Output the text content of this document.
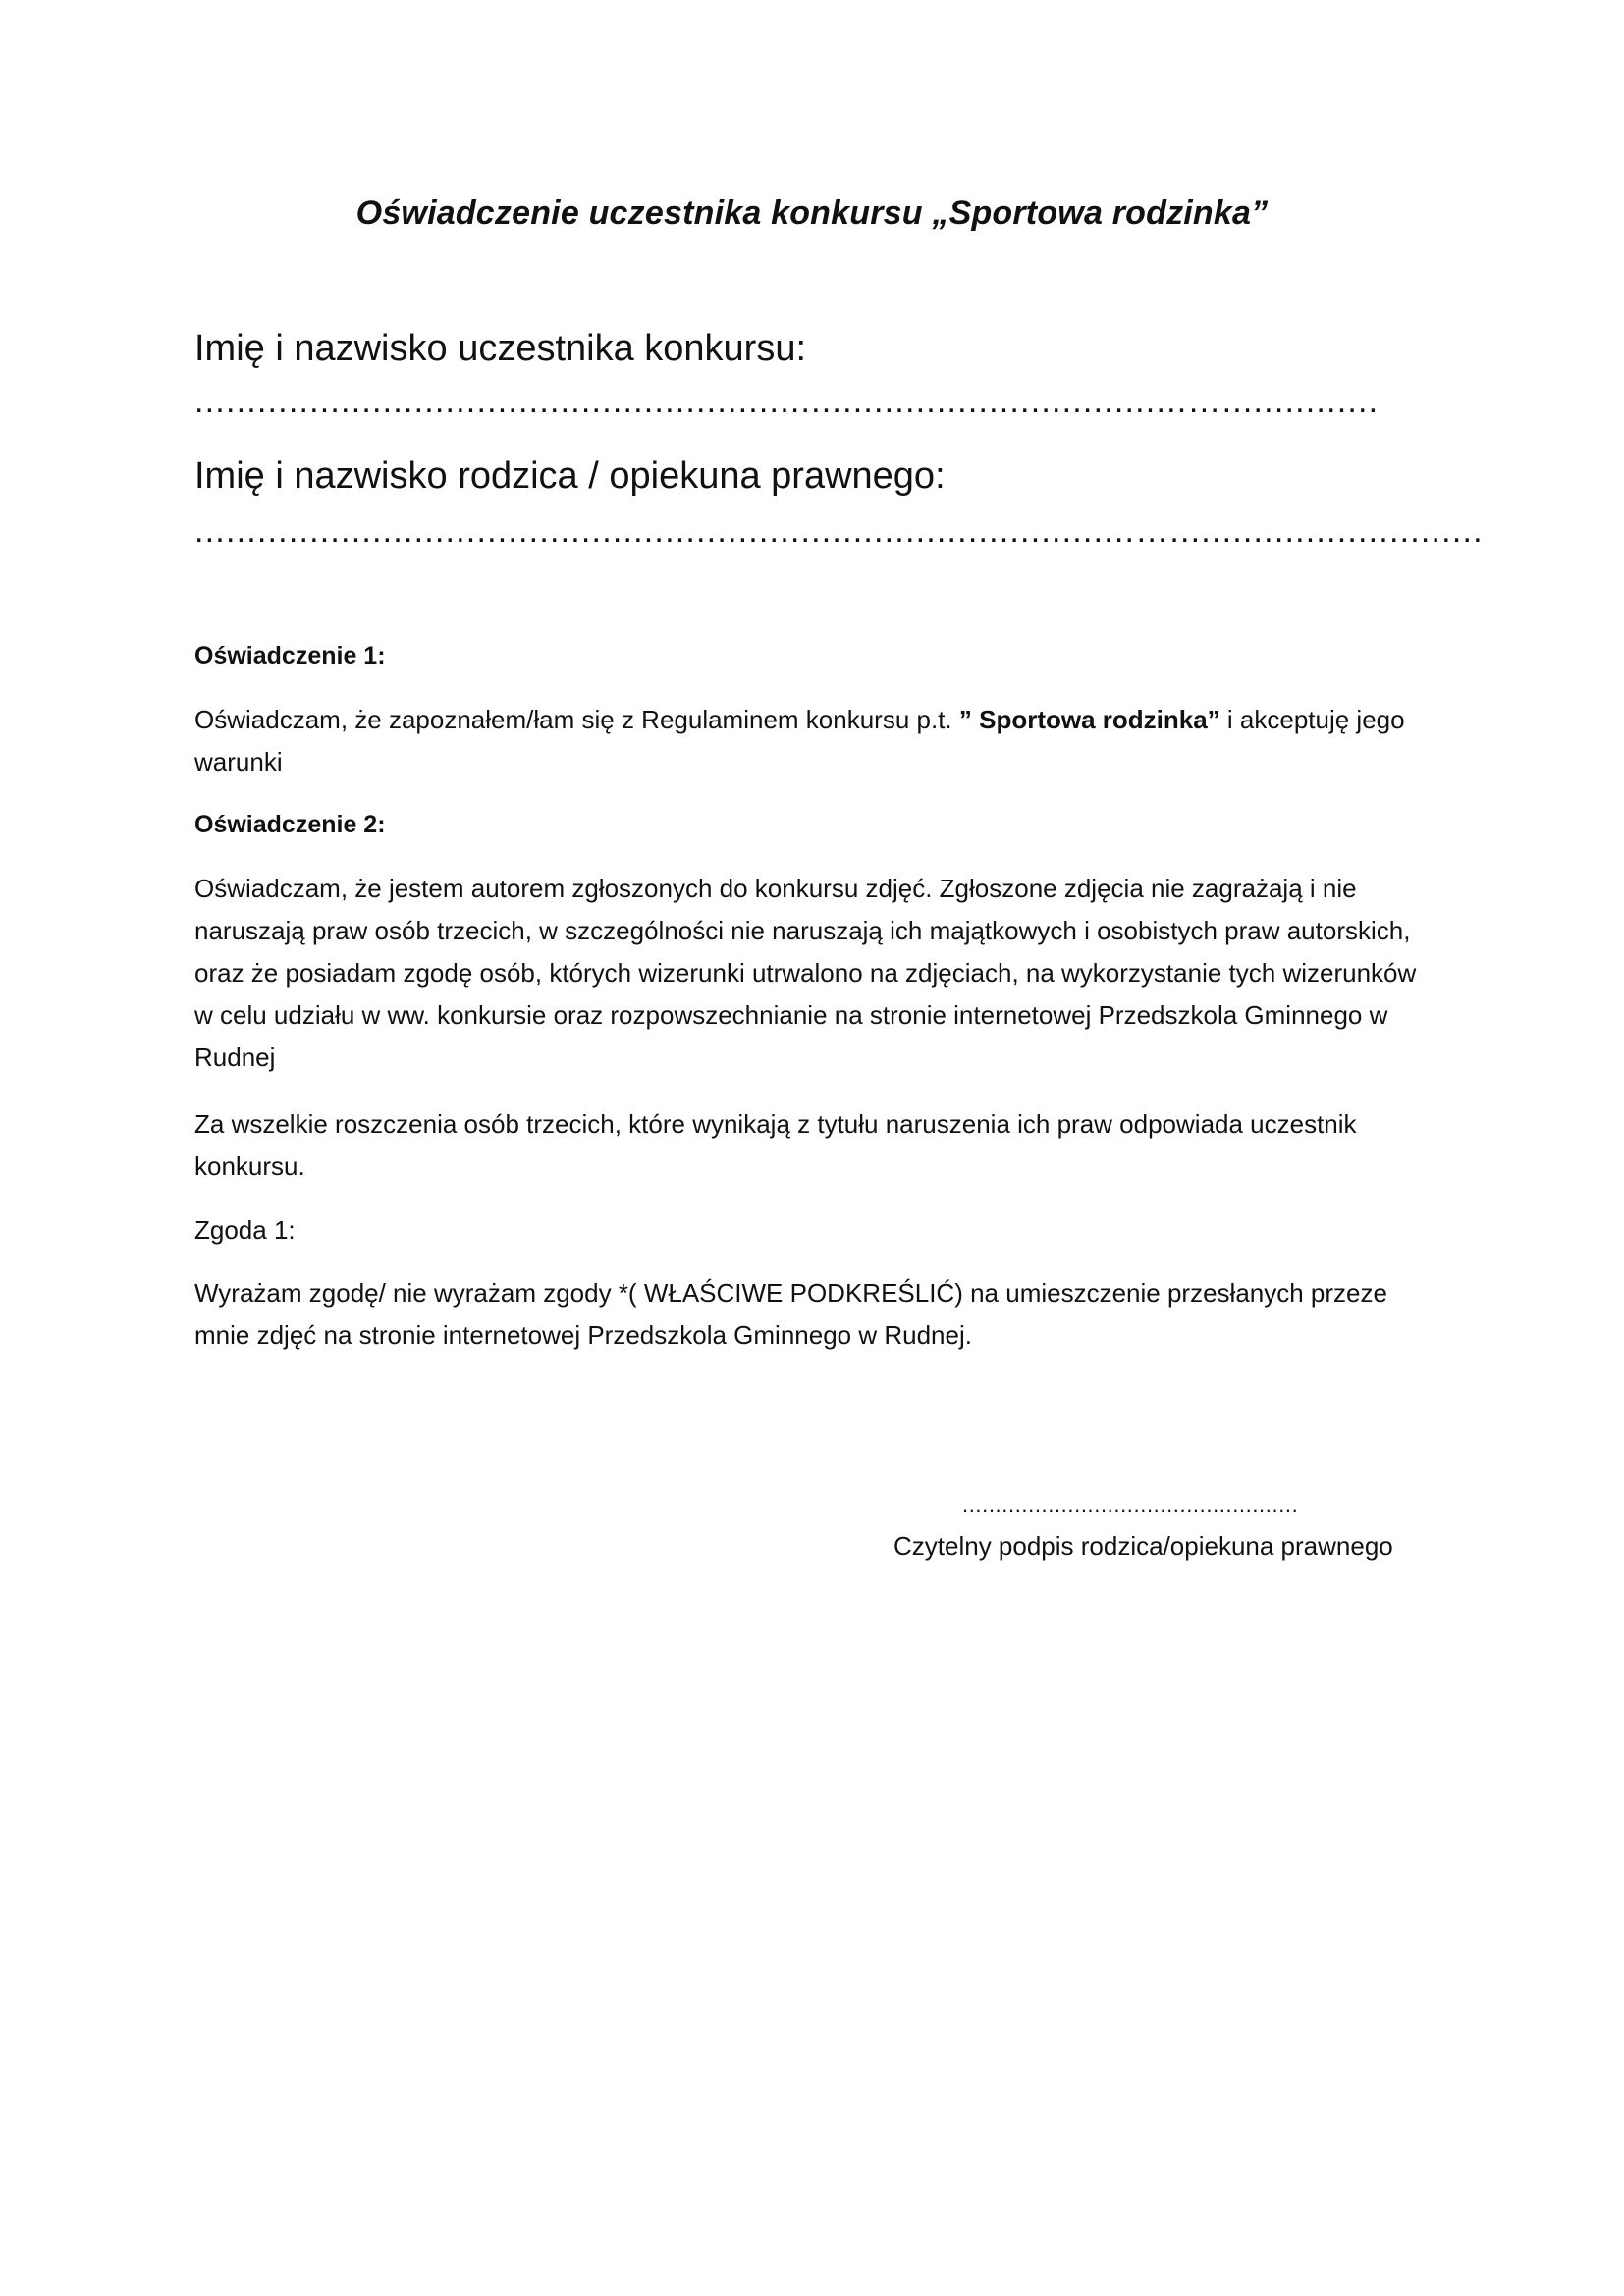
Oświadczenie uczestnika konkursu „Sportowa rodzinka”
Imię i nazwisko uczestnika konkursu:
...............................................................................................…...............
Imię i nazwisko rodzica / opiekuna prawnego:
..........................................................................................…..............................
Oświadczenie 1:

Oświadczam, że zapoznałem/łam się z Regulaminem konkursu p.t. ” Sportowa rodzinka” i akceptuję jego warunki

Oświadczenie 2:

Oświadczam, że jestem autorem zgłoszonych do konkursu zdjęć. Zgłoszone zdjęcia nie zagrażają i nie naruszają praw osób trzecich, w szczególności nie naruszają ich majątkowych i osobistych praw autorskich, oraz że posiadam zgodę osób, których wizerunki utrwalono na zdjęciach, na wykorzystanie tych wizerunków w celu udziału w ww. konkursie oraz rozpowszechnianie na stronie internetowej Przedszkola Gminnego w Rudnej

Za wszelkie roszczenia osób trzecich, które wynikają z tytułu naruszenia ich praw odpowiada uczestnik konkursu.

Zgoda 1:

Wyrażam zgodę/ nie wyrażam zgody *( WŁAŚCIWE PODKREŚLIĆ) na umieszczenie przesłanych przeze mnie zdjęć na stronie internetowej Przedszkola Gminnego w Rudnej.

...................................................
Czytelny podpis rodzica/opiekuna prawnego
